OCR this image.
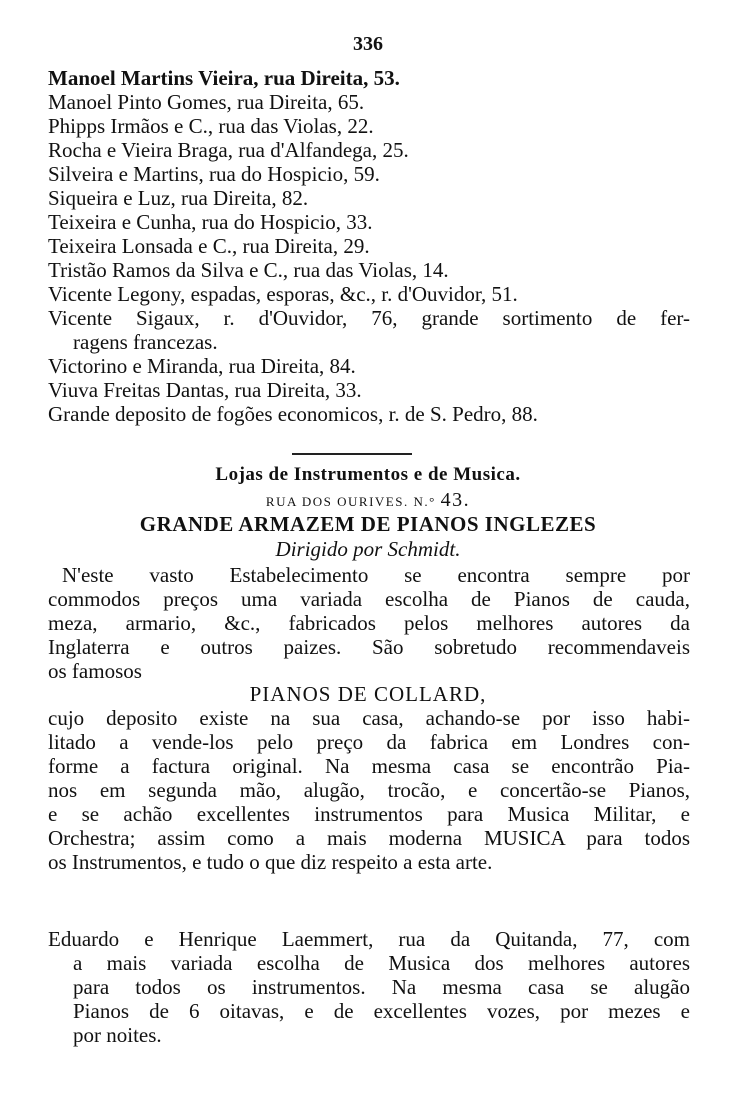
336
Lojas de Instrumentos e de Musica.
RUA DOS OURIVES. N.° 43.
GRANDE ARMAZEM DE PIANOS INGLEZES
Dirigido por Schmidt.
PIANOS DE COLLARD,
Manoel Martins Vieira, rua Direita, 53.
Manoel Pinto Gomes, rua Direita, 65.
Phipps Irmãos e C., rua das Violas, 22.
Rocha e Vieira Braga, rua d'Alfandega, 25.
Silveira e Martins, rua do Hospicio, 59.
Siqueira e Luz, rua Direita, 82.
Teixeira e Cunha, rua do Hospicio, 33.
Teixeira Lonsada e C., rua Direita, 29.
Tristão Ramos da Silva e C., rua das Violas, 14.
Vicente Legony, espadas, esporas, &c., r. d'Ouvidor, 51.
Vicente Sigaux, r. d'Ouvidor, 76, grande sortimento de fer-
ragens francezas.
Victorino e Miranda, rua Direita, 84.
Viuva Freitas Dantas, rua Direita, 33.
Grande deposito de fogões economicos, r. de S. Pedro, 88.
N'este vasto Estabelecimento se encontra sempre por
commodos preços uma variada escolha de Pianos de cauda,
meza, armario, &c., fabricados pelos melhores autores da
Inglaterra e outros paizes. São sobretudo recommendaveis
os famosos
cujo deposito existe na sua casa, achando-se por isso habi-
litado a vende-los pelo preço da fabrica em Londres con-
forme a factura original. Na mesma casa se encontrão Pia-
nos em segunda mão, alugão, trocão, e concertão-se Pianos,
e se achão excellentes instrumentos para Musica Militar, e
Orchestra; assim como a mais moderna MUSICA para todos
os Instrumentos, e tudo o que diz respeito a esta arte.
Eduardo e Henrique Laemmert, rua da Quitanda, 77, com
a mais variada escolha de Musica dos melhores autores
para todos os instrumentos. Na mesma casa se alugão
Pianos de 6 oitavas, e de excellentes vozes, por mezes e
por noites.
